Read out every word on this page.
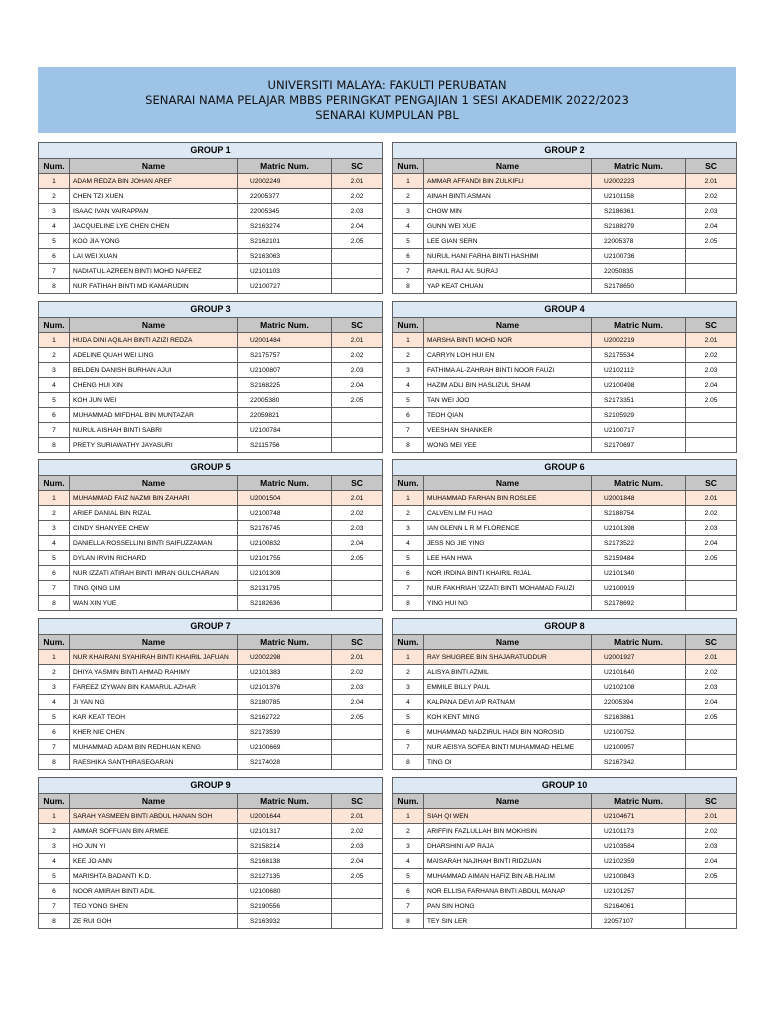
UNIVERSITI MALAYA: FAKULTI PERUBATAN
SENARAI NAMA PELAJAR MBBS PERINGKAT PENGAJIAN 1 SESI AKADEMIK 2022/2023
SENARAI KUMPULAN PBL
GROUP 1			
Num.	Name	Matric Num.	SC
1	ADAM REDZA BIN JOHAN AREF	U2002249	2.01
2	CHEN TZI XUEN	22005377	2.02
3	ISAAC IVAN VAIRAPPAN	22005345	2.03
4	JACQUELINE LYE CHEN CHEN	S2163274	2.04
5	KOO JIA YONG	S2162101	2.05
6	LAI WEI XUAN	S2163063	
7	NADIATUL AZREEN BINTI MOHD NAFEEZ	U2101103	
8	NUR FATIHAH BINTI MD KAMARUDIN	U2100727	
GROUP 2			
Num.	Name	Matric Num.	SC
1	AMMAR AFFANDI BIN ZULKIFLI	U2002223	2.01
2	AINAH BINTI ASMAN	U2101158	2.02
3	CHOW MIN	S2186361	2.03
4	GUNN WEI XUE	S2188279	2.04
5	LEE GIAN SERN	22005378	2.05
6	NURUL HANI FARHA BINTI HASHIMI	U2100736	
7	RAHUL RAJ A/L SURAJ	22050835	
8	YAP KEAT CHUAN	S2178650	
GROUP 3			
Num.	Name	Matric Num.	SC
1	HUDA DINI AQILAH BINTI AZIZI REDZA	U2001484	2.01
2	ADELINE QUAH WEI LING	S2175757	2.02
3	BELDEN DANISH BURHAN AJUI	U2100807	2.03
4	CHENG HUI XIN	S2168225	2.04
5	KOH JUN WEI	22005380	2.05
6	MUHAMMAD MIFDHAL BIN MUNTAZAR	22059821	
7	NURUL AISHAH BINTI SABRI	U2100784	
8	PRETY SURIAWATHY JAYASURI	S2115756	
GROUP 4			
Num.	Name	Matric Num.	SC
1	MARSHA BINTI MOHD NOR	U2002219	2.01
2	CARRYN LOH HUI EN	S2175534	2.02
3	FATHIMA AL-ZAHRAH BINTI NOOR FAUZI	U2102112	2.03
4	HAZIM ADLI BIN HASLIZUL SHAM	U2100498	2.04
5	TAN WEI JOO	S2173351	2.05
6	TEOH QIAN	S2105929	
7	VEESHAN SHANKER	U2100717	
8	WONG MEI YEE	S2170697	
GROUP 5			
Num.	Name	Matric Num.	SC
1	MUHAMMAD FAIZ NAZMI BIN ZAHARI	U2001504	2.01
2	ARIEF DANIAL BIN RIZAL	U2100748	2.02
3	CINDY SHANYEE CHEW	S2176745	2.03
4	DANIELLA ROSSELLINI BINTI SAIFUZZAMAN	U2100832	2.04
5	DYLAN IRVIN RICHARD	U2101755	2.05
6	NUR IZZATI ATIRAH BINTI IMRAN GULCHARAN	U2101309	
7	TING QING LIM	S2131795	
8	WAN XIN YUE	S2182636	
GROUP 6			
Num.	Name	Matric Num.	SC
1	MUHAMMAD FARHAN BIN ROSLEE	U2001848	2.01
2	CALVEN LIM FU HAO	S2188754	2.02
3	IAN GLENN L R M FLORENCE	U2101398	2.03
4	JESS NG JIE YING	S2173522	2.04
5	LEE HAN HWA	S2159484	2.05
6	NOR IRDINA BINTI KHAIRIL RIJAL	U2101340	
7	NUR FAKHRIAH 'IZZATI BINTI MOHAMAD FAUZI	U2100919	
8	YING HUI NG	S2178692	
GROUP 7			
Num.	Name	Matric Num.	SC
1	NUR KHAIRANI SYAHIRAH BINTI KHAIRIL JAFUAN	U2002298	2.01
2	DHIYA YASMIN BINTI AHMAD RAHIMY	U2101383	2.02
3	FAREEZ IZYWAN BIN KAMARUL AZHAR	U2101376	2.03
4	JI YAN NG	S2180785	2.04
5	KAR KEAT TEOH	S2162722	2.05
6	KHER NIE CHEN	S2173539	
7	MUHAMMAD ADAM BIN REDHUAN KENG	U2100669	
8	RAESHIKA SANTHIRASEGARAN	S2174028	
GROUP 8			
Num.	Name	Matric Num.	SC
1	RAY SHUGREE BIN SHAJARATUDDUR	U2001927	2.01
2	ALISYA BINTI AZMIL	U2101640	2.02
3	EMMILE BILLY PAUL	U2102108	2.03
4	KALPANA DEVI A/P RATNAM	22005394	2.04
5	KOH KENT MING	S2163861	2.05
6	MUHAMMAD NADZIRUL HADI BIN NOROSID	U2100752	
7	NUR AEISYA SOFEA BINTI MUHAMMAD HELME	U2100957	
8	TING OI	S2167342	
GROUP 9			
Num.	Name	Matric Num.	SC
1	SARAH YASMEEN BINTI ABDUL HANAN SOH	U2001644	2.01
2	AMMAR SOFFUAN BIN ARMEE	U2101317	2.02
3	HO JUN YI	S2158214	2.03
4	KEE JO ANN	S2168138	2.04
5	MARISHTA BADANTI K.D.	S2127135	2.05
6	NOOR AMIRAH BINTI ADIL	U2100680	
7	TEO YONG SHEN	S2190556	
8	ZE RUI GOH	S2163932	
GROUP 10			
Num.	Name	Matric Num.	SC
1	SIAH QI WEN	U2104671	2.01
2	ARIFFIN FAZLULLAH BIN MOKHSIN	U2101173	2.02
3	DHARSHINI A/P RAJA	U2103584	2.03
4	MAISARAH NAJIHAH BINTI RIDZUAN	U2102359	2.04
5	MUHAMMAD AIMAN HAFIZ BIN AB.HALIM	U2100843	2.05
6	NOR ELLISA FARHANA BINTI ABDUL MANAP	U2101257	
7	PAN SIN HONG	S2164061	
8	TEY SIN LER	22057107	
